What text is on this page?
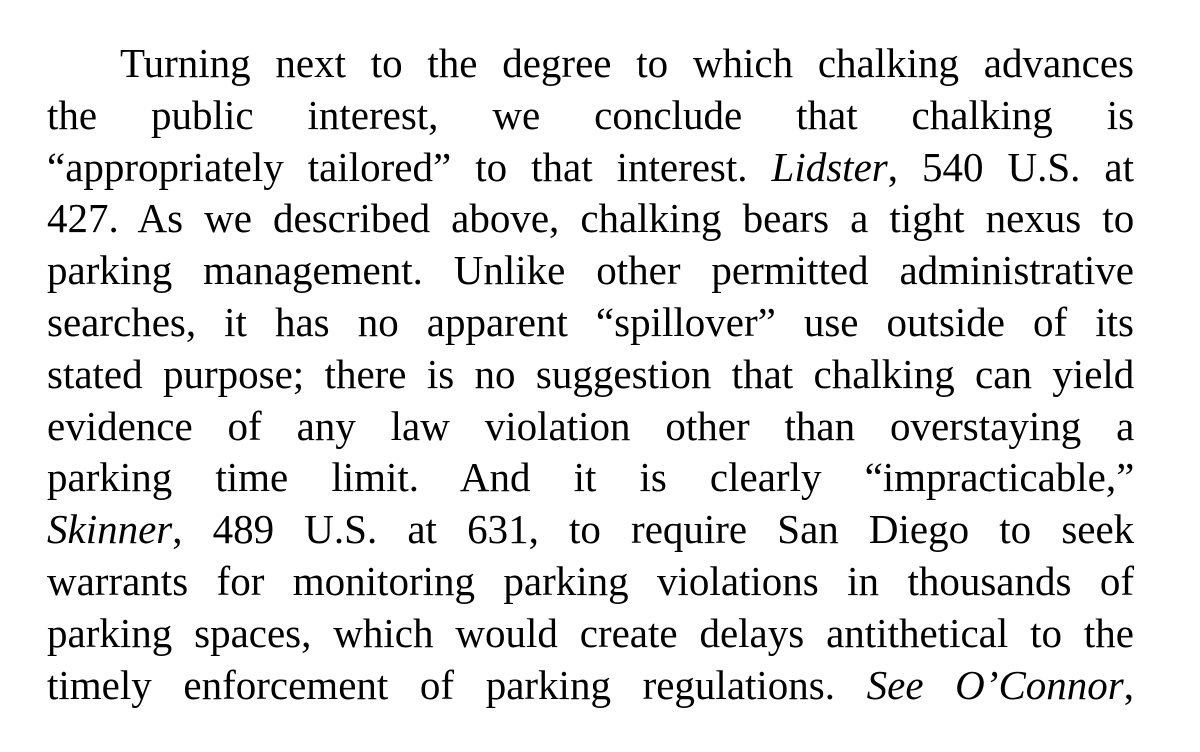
Turning next to the degree to which chalking advances
the public interest, we conclude that chalking is
“appropriately tailored” to that interest. Lidster, 540 U.S. at
427. As we described above, chalking bears a tight nexus to
parking management. Unlike other permitted administrative
searches, it has no apparent “spillover” use outside of its
stated purpose; there is no suggestion that chalking can yield
evidence of any law violation other than overstaying a
parking time limit. And it is clearly “impracticable,”
Skinner, 489 U.S. at 631, to require San Diego to seek
warrants for monitoring parking violations in thousands of
parking spaces, which would create delays antithetical to the
timely enforcement of parking regulations. See O’Connor,
